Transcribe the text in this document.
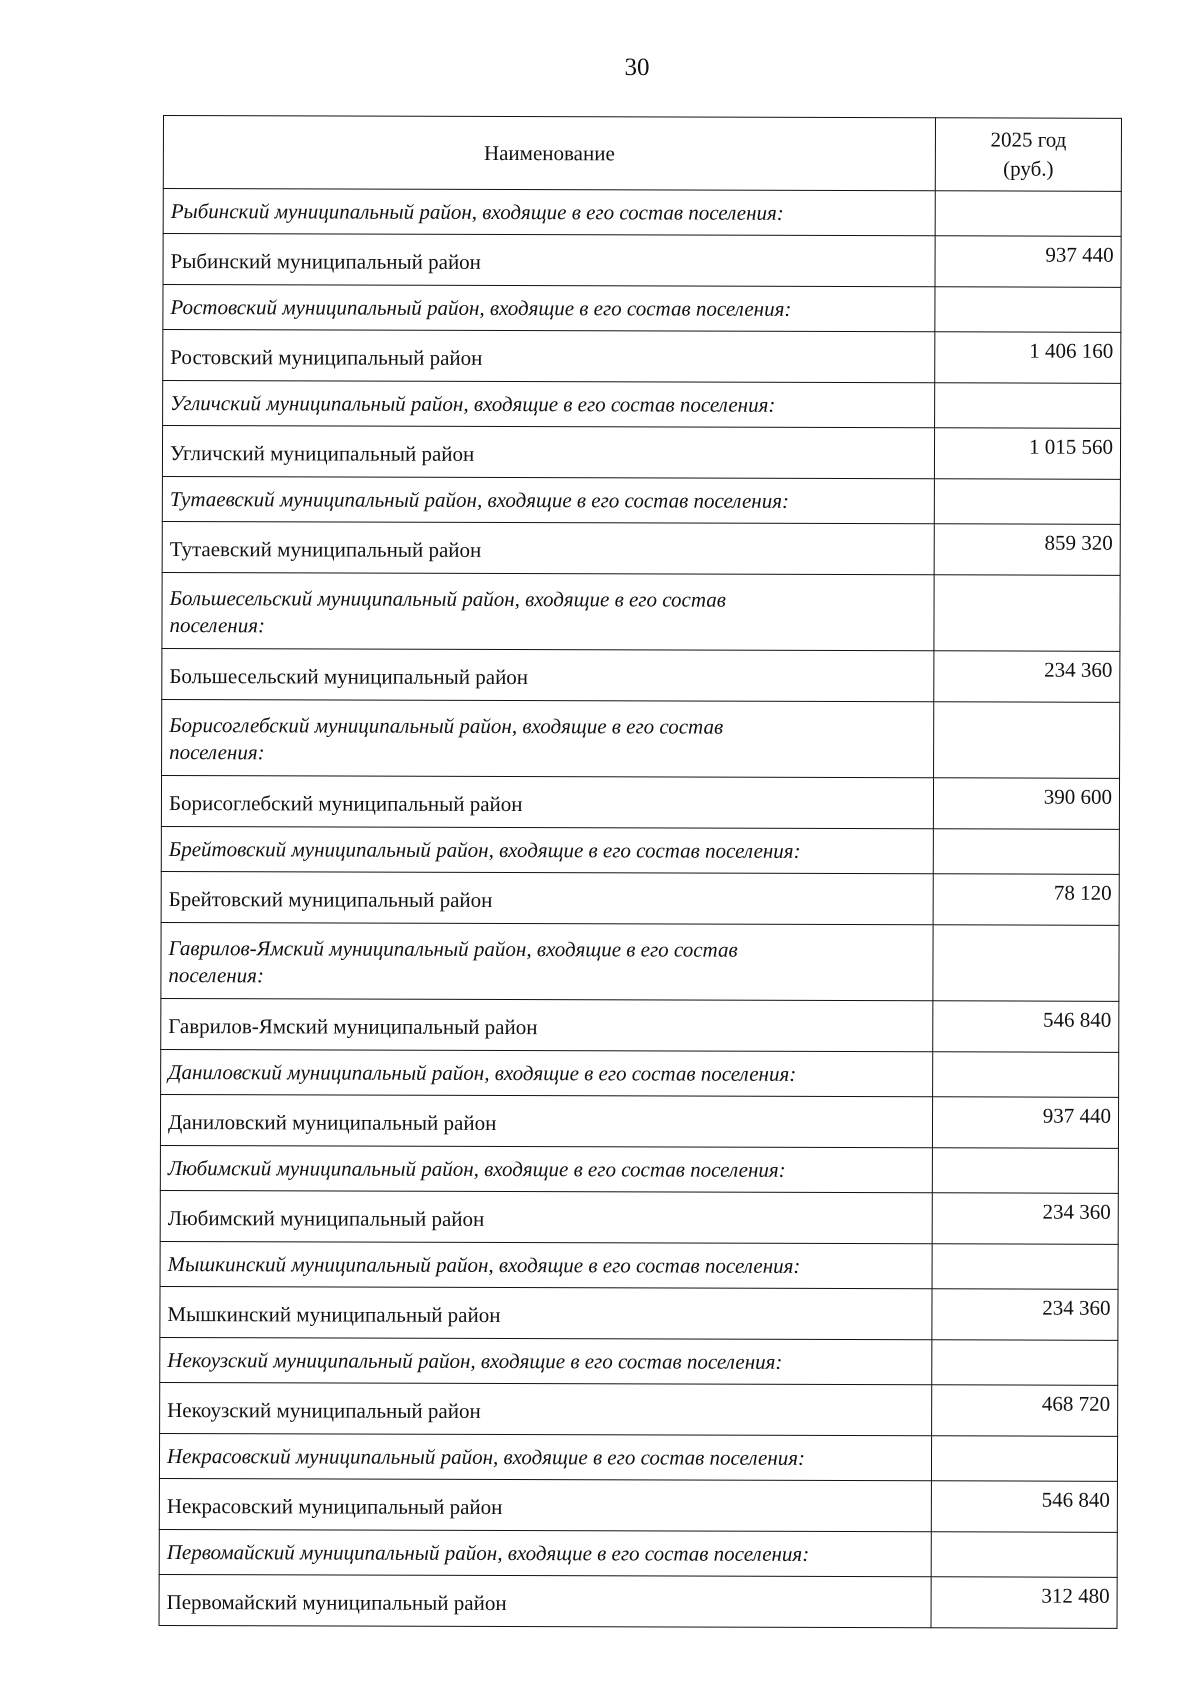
30
Наименование	2025 год
(руб.)

Рыбинский муниципальный район, входящие в его состав поселения:	

Рыбинский муниципальный район	937 440

Ростовский муниципальный район, входящие в его состав поселения:	

Ростовский муниципальный район	1 406 160

Угличский муниципальный район, входящие в его состав поселения:	

Угличский муниципальный район	1 015 560

Тутаевский муниципальный район, входящие в его состав поселения:	

Тутаевский муниципальный район	859 320

Большесельский муниципальный район, входящие в его состав
поселения:	

Большесельский муниципальный район	234 360

Борисоглебский муниципальный район, входящие в его состав
поселения:	

Борисоглебский муниципальный район	390 600

Брейтовский муниципальный район, входящие в его состав поселения:	

Брейтовский муниципальный район	78 120

Гаврилов-Ямский муниципальный район, входящие в его состав
поселения:	

Гаврилов-Ямский муниципальный район	546 840

Даниловский муниципальный район, входящие в его состав поселения:	

Даниловский муниципальный район	937 440

Любимский муниципальный район, входящие в его состав поселения:	

Любимский муниципальный район	234 360

Мышкинский муниципальный район, входящие в его состав поселения:	

Мышкинский муниципальный район	234 360

Некоузский муниципальный район, входящие в его состав поселения:	

Некоузский муниципальный район	468 720

Некрасовский муниципальный район, входящие в его состав поселения:	

Некрасовский муниципальный район	546 840

Первомайский муниципальный район, входящие в его состав поселения:	

Первомайский муниципальный район	312 480
